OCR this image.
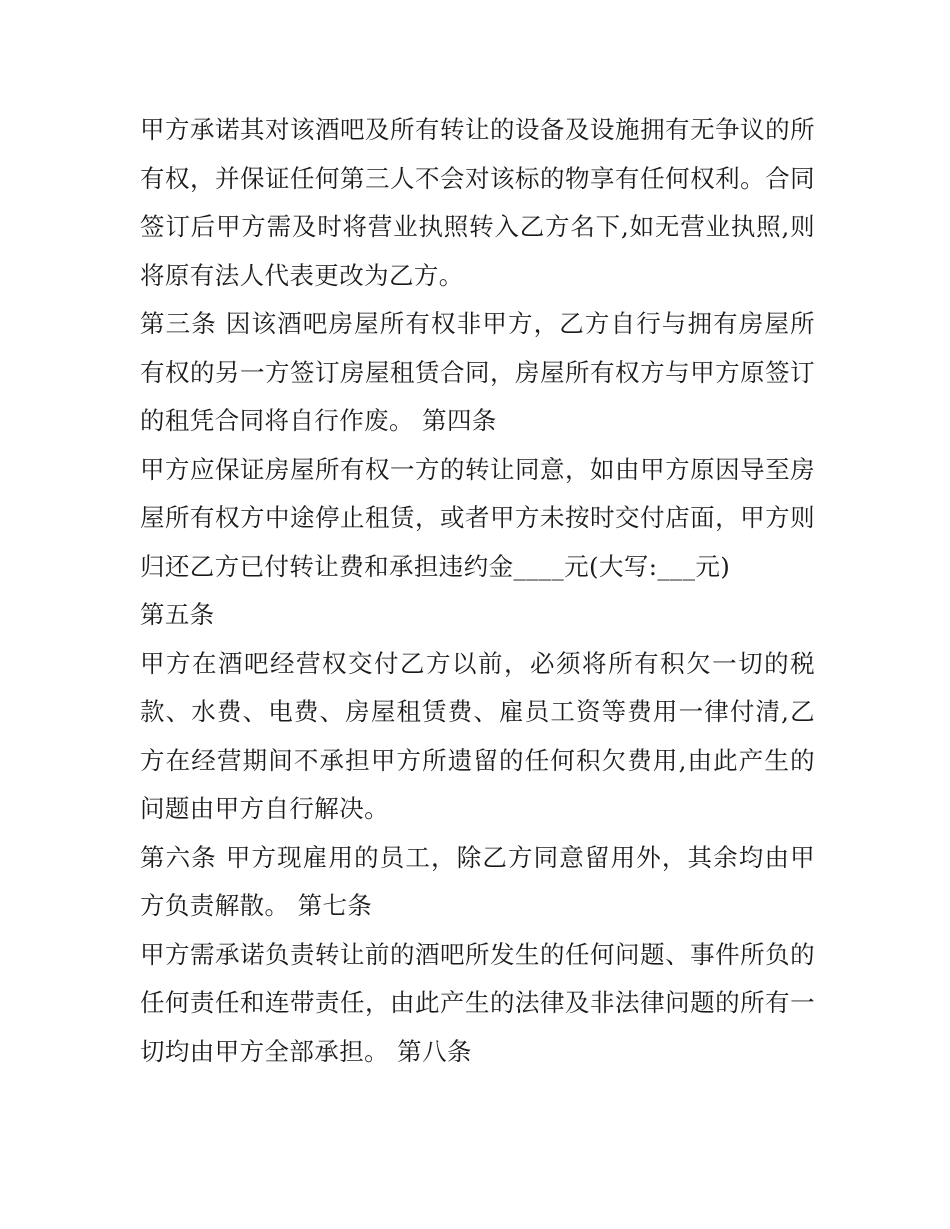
甲方承诺其对该酒吧及所有转让的设备及设施拥有无争议的所有权，并保证任何第三人不会对该标的物享有任何权利。合同签订后甲方需及时将营业执照转入乙方名下,如无营业执照,则将原有法人代表更改为乙方。

第三条 因该酒吧房屋所有权非甲方，乙方自行与拥有房屋所有权的另一方签订房屋租赁合同，房屋所有权方与甲方原签订的租凭合同将自行作废。 第四条

甲方应保证房屋所有权一方的转让同意，如由甲方原因导至房屋所有权方中途停止租赁，或者甲方未按时交付店面，甲方则归还乙方已付转让费和承担违约金____元(大写:___元)

第五条

甲方在酒吧经营权交付乙方以前，必须将所有积欠一切的税款、水费、电费、房屋租赁费、雇员工资等费用一律付清,乙方在经营期间不承担甲方所遗留的任何积欠费用,由此产生的问题由甲方自行解决。

第六条 甲方现雇用的员工，除乙方同意留用外，其余均由甲方负责解散。 第七条

甲方需承诺负责转让前的酒吧所发生的任何问题、事件所负的任何责任和连带责任，由此产生的法律及非法律问题的所有一切均由甲方全部承担。 第八条
